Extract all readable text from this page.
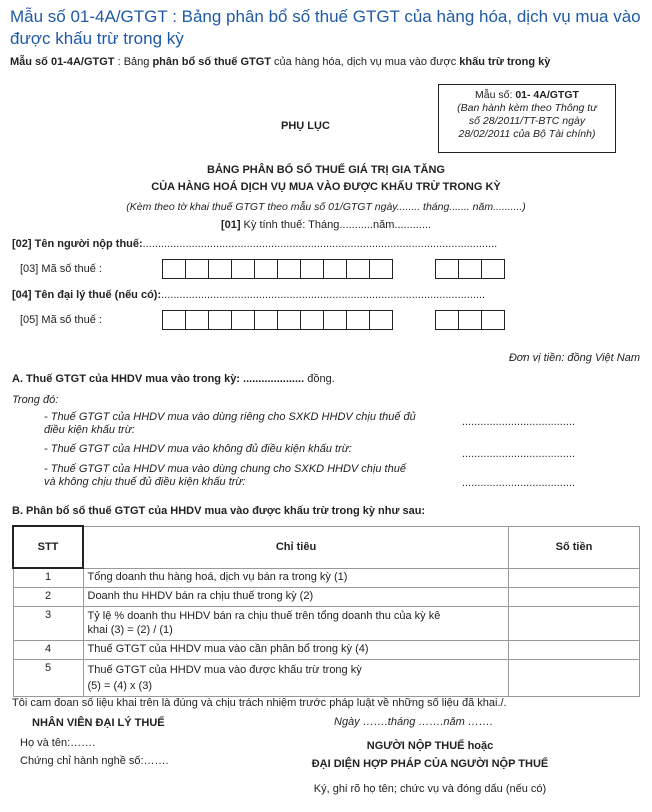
Mẫu số 01-4A/GTGT : Bảng phân bổ số thuế GTGT của hàng hóa, dịch vụ mua vào được khấu trừ trong kỳ
Mẫu số 01-4A/GTGT : Bảng phân bổ số thuế GTGT của hàng hóa, dịch vụ mua vào được khấu trừ trong kỳ
Mẫu số: 01- 4A/GTGT
(Ban hành kèm theo Thông tư
số 28/2011/TT-BTC ngày
28/02/2011 của Bộ Tài chính)
PHỤ LỤC
BẢNG PHÂN BỔ SỐ THUẾ GIÁ TRỊ GIA TĂNG
CỦA HÀNG HOÁ DỊCH VỤ MUA VÀO ĐƯỢC KHẤU TRỪ TRONG KỲ
(Kèm theo tờ khai thuế GTGT theo mẫu số 01/GTGT ngày........ tháng....... năm..........)
[01] Kỳ tính thuế: Tháng...........năm............
[02] Tên người nộp thuế:....................................................................................................................
[03] Mã số thuế :
[04] Tên đại lý thuế (nếu có):..........................................................................................................
[05] Mã số thuế :
Đơn vị tiền: đồng Việt Nam
A. Thuế GTGT của HHDV mua vào trong kỳ: .................... đồng.
Trong đó:
- Thuế GTGT của HHDV mua vào dùng riêng cho SXKD HHDV chịu thuế đủ
điều kiện khấu trừ:
.....................................
- Thuế GTGT của HHDV mua vào không đủ điều kiện khấu trừ:	.....................................
- Thuế GTGT của HHDV mua vào dùng chung cho SXKD HHDV chịu thuế
và không chịu thuế đủ điều kiện khấu trừ:	.....................................
B. Phân bổ số thuế GTGT của HHDV mua vào được khấu trừ trong kỳ như sau:
STT	Chỉ tiêu	Số tiền
1	Tổng doanh thu hàng hoá, dịch vụ bán ra trong kỳ (1)	
2	Doanh thu HHDV bán ra chịu thuế trong kỳ (2)	
3	Tỷ lệ % doanh thu HHDV bán ra chịu thuế trên tổng doanh thu của kỳ kê
khai (3) = (2) / (1)	

4	Thuế GTGT của HHDV mua vào cần phân bổ trong kỳ (4)	
5	Thuế GTGT của HHDV mua vào được khấu trừ trong kỳ
(5) = (4) x (3)	

Tôi cam đoan số liệu khai trên là đúng và chịu trách nhiệm trước pháp luật về những số liệu đã khai./.
NHÂN VIÊN ĐẠI LÝ THUẾ
Họ và tên:…….
Chứng chỉ hành nghề số:…….
Ngày …….tháng …….năm …….
NGƯỜI NỘP THUẾ hoặc
ĐẠI DIỆN HỢP PHÁP CỦA NGƯỜI NỘP THUẾ
Ký, ghi rõ họ tên; chức vụ và đóng dấu (nếu có)
